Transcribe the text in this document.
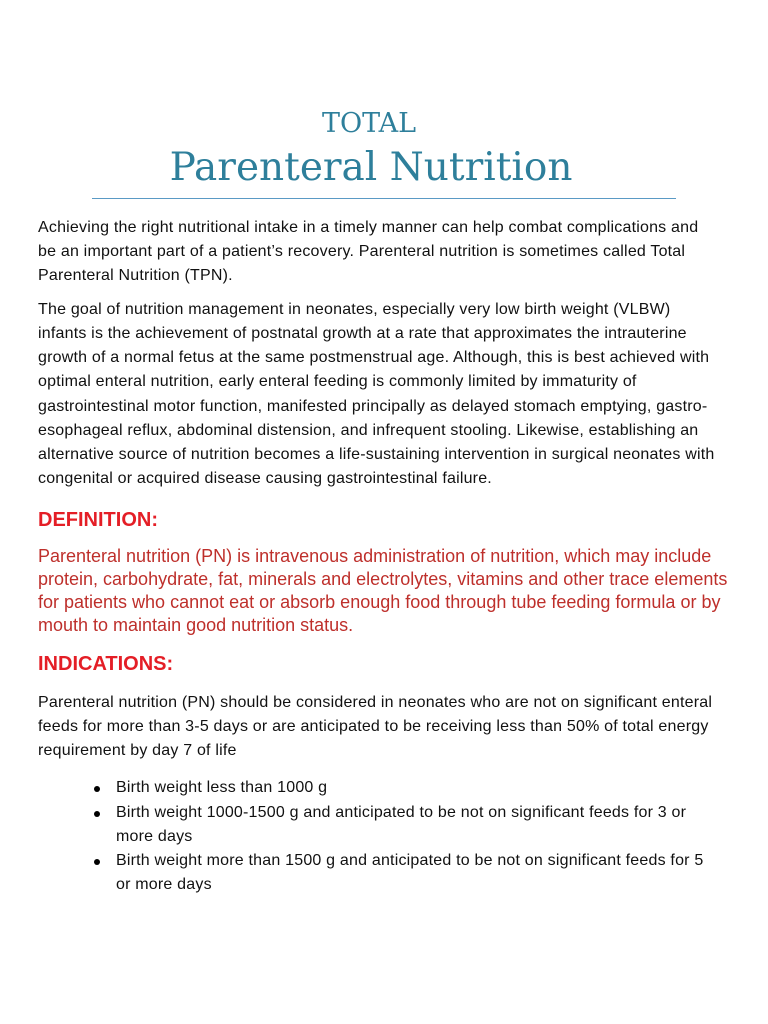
TOTAL
Parenteral Nutrition
Achieving the right nutritional intake in a timely manner can help combat complications and
be an important part of a patient’s recovery. Parenteral nutrition is sometimes called Total
Parenteral Nutrition (TPN).
The goal of nutrition management in neonates, especially very low birth weight (VLBW)
infants is the achievement of postnatal growth at a rate that approximates the intrauterine
growth of a normal fetus at the same postmenstrual age. Although, this is best achieved with
optimal enteral nutrition, early enteral feeding is commonly limited by immaturity of
gastrointestinal motor function, manifested principally as delayed stomach emptying, gastro-
esophageal reflux, abdominal distension, and infrequent stooling. Likewise, establishing an
alternative source of nutrition becomes a life-sustaining intervention in surgical neonates with
congenital or acquired disease causing gastrointestinal failure.
DEFINITION:
Parenteral nutrition (PN) is intravenous administration of nutrition, which may include
protein, carbohydrate, fat, minerals and electrolytes, vitamins and other trace elements
for patients who cannot eat or absorb enough food through tube feeding formula or by
mouth to maintain good nutrition status.
INDICATIONS:
Parenteral nutrition (PN) should be considered in neonates who are not on significant enteral
feeds for more than 3-5 days or are anticipated to be receiving less than 50% of total energy
requirement by day 7 of life
Birth weight less than 1000 g
Birth weight 1000-1500 g and anticipated to be not on significant feeds for 3 or
more days
Birth weight more than 1500 g and anticipated to be not on significant feeds for 5
or more days
